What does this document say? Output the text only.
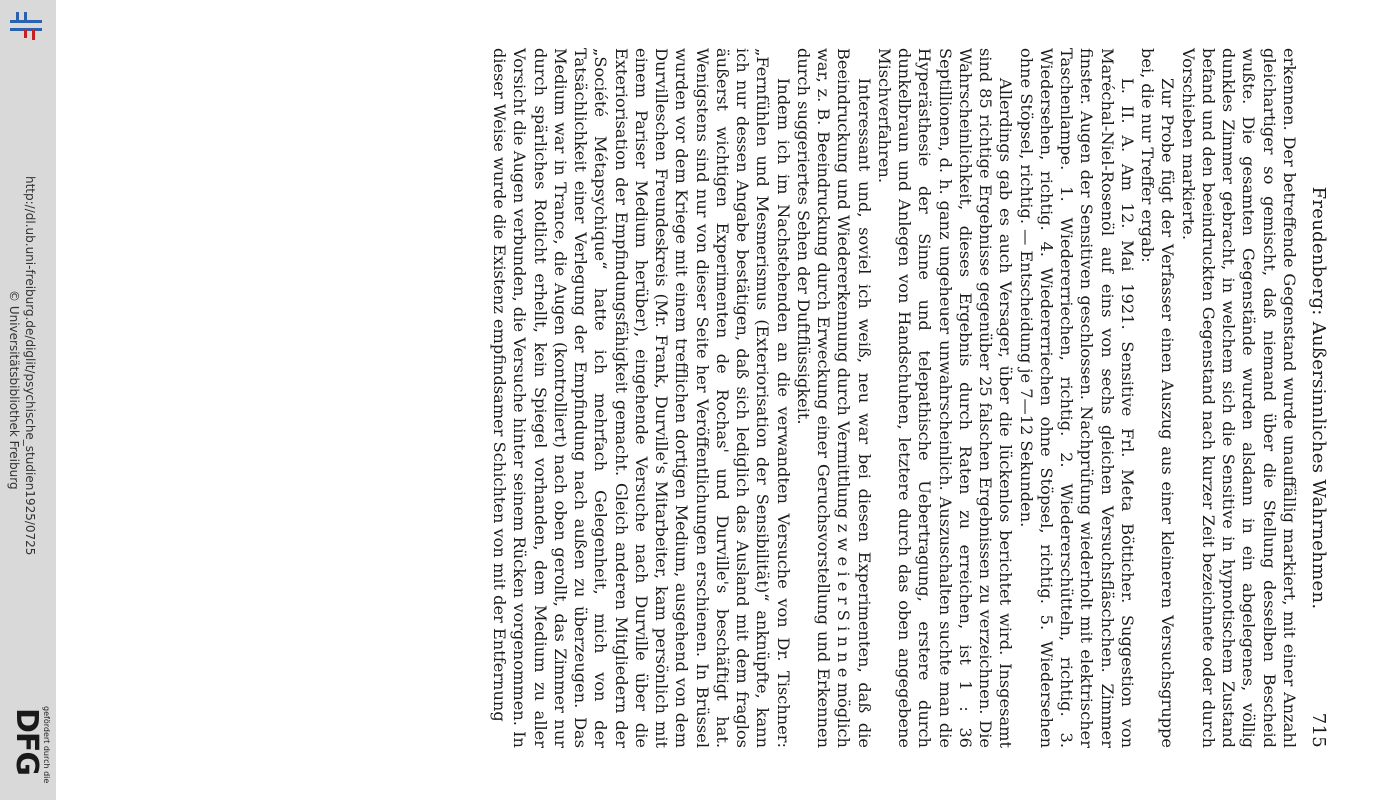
http://dl.ub.uni-freiburg.de/diglit/psychische_studien1925/0725
© Universitätsbibliothek Freiburg
gefördert durch die
DFG
Freudenberg: Außersinnliches Wahrnehmen.
715

erkennen. Der betreffende Gegenstand wurde unauffällig markiert, mit einer Anzahl gleichartiger so gemischt, daß niemand über die Stellung desselben Bescheid wußte. Die gesamten Gegenstände wurden alsdann in ein abgelegenes, völlig dunkles Zimmer gebracht, in welchem sich die Sensitive in hypnotischem Zustand befand und den beeindruckten Gegenstand nach kurzer Zeit bezeichnete oder durch Vorschieben markierte.

Zur Probe fügt der Verfasser einen Auszug aus einer kleineren Versuchsgruppe bei, die nur Treffer ergab:

L. II. A. Am 12. Mai 1921. Sensitive Frl. Meta Bötticher. Suggestion von Maréchal-Niel-Rosenöl auf eins von sechs gleichen Versuchsfläschchen. Zimmer finster. Augen der Sensitiven geschlossen. Nachprüfung wiederholt mit elektrischer Taschenlampe. 1. Wiedererriechen, richtig. 2. Wiedererschütteln, richtig. 3. Wiedersehen, richtig. 4. Wiedererriechen ohne Stöpsel, richtig. 5. Wiedersehen ohne Stöpsel, richtig. — Entscheidung je 7—12 Sekunden.

Allerdings gab es auch Versager, über die lückenlos berichtet wird. Insgesamt sind 85 richtige Ergebnisse gegenüber 25 falschen Ergebnissen zu verzeichnen. Die Wahrscheinlichkeit, dieses Ergebnis durch Raten zu erreichen, ist 1 : 36 Septillionen, d. h. ganz ungeheuer unwahrscheinlich. Auszuschalten suchte man die Hyperästhesie der Sinne und telepathische Uebertragung, erstere durch dunkelbraun und Anlegen von Handschuhen, letztere durch das oben angegebene Mischverfahren.

Interessant und, soviel ich weiß, neu war bei diesen Experimenten, daß die Beeindruckung und Wiedererkennung durch Vermittlung z w e i e r S i n n e möglich war, z. B. Beeindruckung durch Erweckung einer Geruchsvorstellung und Erkennen durch suggeriertes Sehen der Duftflüssigkeit.

Indem ich im Nachstehenden an die verwandten Versuche von Dr. Tischner: „Fernfühlen und Mesmerismus (Exteriorisation der Sensibilität)“ anknüpfte, kann ich nur dessen Angabe bestätigen, daß sich lediglich das Ausland mit dem fraglos äußerst wichtigen Experimenten de Rochas' und Durville's beschäftigt hat. Wenigstens sind nur von dieser Seite her Veröffentlichungen erschienen. In Brüssel wurden vor dem Kriege mit einem trefflichen dortigen Medium, ausgehend von dem Durvilleschen Freundeskreis (Mr. Frank, Durville's Mitarbeiter, kam persönlich mit einem Pariser Medium herüber), eingehende Versuche nach Durville über die Exteriorisation der Empfindungsfähigkeit gemacht. Gleich anderen Mitgliedern der „Société Métapsychique“ hatte ich mehrfach Gelegenheit, mich von der Tatsächlichkeit einer Verlegung der Empfindung nach außen zu überzeugen. Das Medium war in Trance, die Augen (kontrolliert) nach oben gerollt, das Zimmer nur durch spärliches Rotlicht erhellt, kein Spiegel vorhanden, dem Medium zu aller Vorsicht die Augen verbunden, die Versuche hinter seinem Rücken vorgenommen. In dieser Weise wurde die Existenz empfindsamer Schichten von mit der Entfernung
